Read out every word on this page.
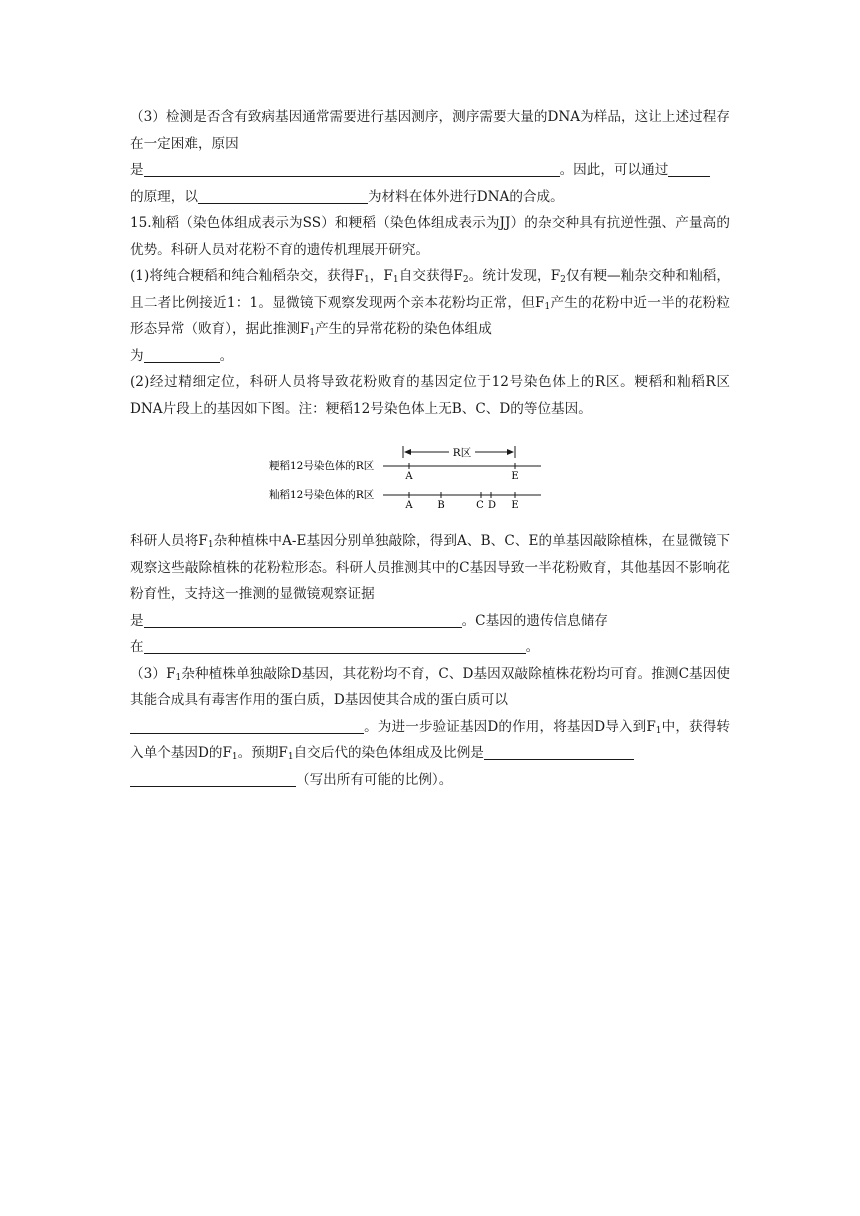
（3）检测是否含有致病基因通常需要进行基因测序，测序需要大量的DNA为样品，这让上述过程存在一定困难，原因
是	。因此，可以通过
的原理，以	为材料在体外进行DNA的合成。

15.籼稻（染色体组成表示为SS）和粳稻（染色体组成表示为JJ）的杂交种具有抗逆性强、产量高的优势。科研人员对花粉不育的遗传机理展开研究。

(1)将纯合粳稻和纯合籼稻杂交，获得$F_1$，$F_1$自交获得$F_2$。统计发现，$F_2$仅有粳—籼杂交种和籼稻，且二者比例接近1：1。显微镜下观察发现两个亲本花粉均正常，但$F_1$产生的花粉中近一半的花粉粒形态异常（败育），据此推测$F_1$产生的异常花粉的染色体组成
为	。

(2)经过精细定位，科研人员将导致花粉败育的基因定位于12号染色体上的R区。粳稻和籼稻R区DNA片段上的基因如下图。注：粳稻12号染色体上无B、C、D的等位基因。

科研人员将$F_1$杂种植株中A-E基因分别单独敲除，得到A、B、C、E的单基因敲除植株，在显微镜下观察这些敲除植株的花粉粒形态。科研人员推测其中的C基因导致一半花粉败育，其他基因不影响花粉育性，支持这一推测的显微镜观察证据
是	。C基因的遗传信息储存
在	。

$(3)F_1$杂种植株单独敲除D基因，其花粉均不育，C、D基因双敲除植株花粉均可育。推测C基因使其能合成具有毒害作用的蛋白质，D基因使其合成的蛋白质可以
。为进一步验证基因D的作用，将基因D导入到$F_1$中，获得转入单个基因D的$F_1$。预期$F_1$自交后代的染色体组成及比例是
（写出所有可能的比例）。

粳稻12号染色体的R区
籼稻12号染色体的R区
R区
A	E
A B	C D E
